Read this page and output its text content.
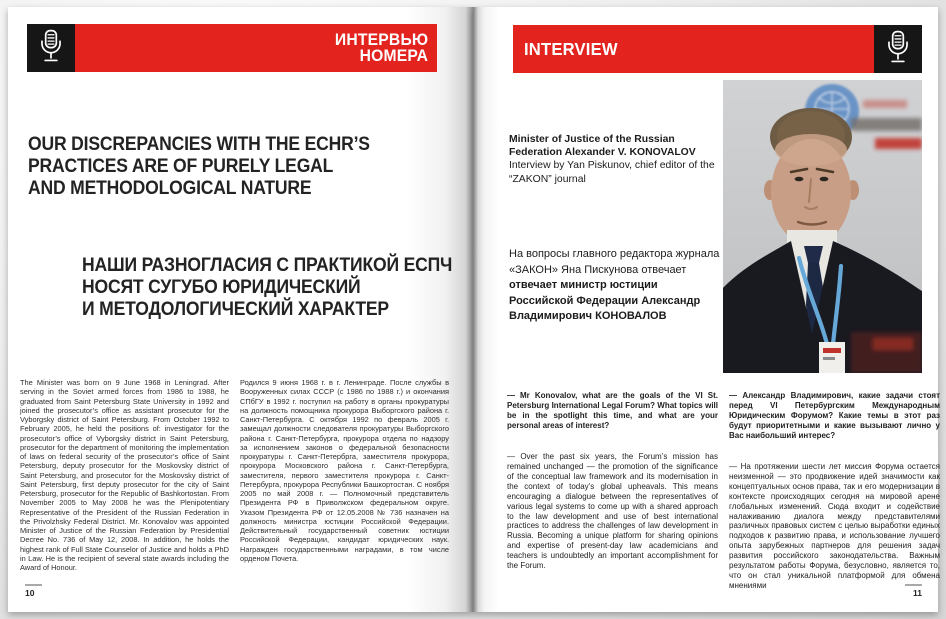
ИНТЕРВЬЮ
НОМЕРА
OUR DISCREPANCIES WITH THE ECHR’S
PRACTICES ARE OF PURELY LEGAL
AND METHODOLOGICAL NATURE
НАШИ РАЗНОГЛАСИЯ С ПРАКТИКОЙ ЕСПЧ
НОСЯТ СУГУБО ЮРИДИЧЕСКИЙ
И МЕТОДОЛОГИЧЕСКИЙ ХАРАКТЕР
The Minister was born on 9 June 1968 in Leningrad. After serving in the Soviet armed forces from 1986 to 1988, he graduated from Saint Petersburg State University in 1992 and joined the prosecutor’s office as assistant prosecutor for the Vyborgsky district of Saint Petersburg. From October 1992 to February 2005, he held the positions of: investigator for the prosecutor’s office of Vyborgsky district in Saint Petersburg, prosecutor for the department of monitoring the implementation of laws on federal security of the prosecutor’s office of Saint Petersburg, deputy prosecutor for the Moskovsky district of Saint Petersburg, and prosecutor for the Moskovsky district of Saint Petersburg, first deputy prosecutor for the city of Saint Petersburg, prosecutor for the Republic of Bashkortostan. From November 2005 to May 2008 he was the Plenipotentiary Representative of the President of the Russian Federation in the Privolzhsky Federal District. Mr. Konovalov was appointed Minister of Justice of the Russian Federation by Presidential Decree No. 736 of May 12, 2008. In addition, he holds the highest rank of Full State Counselor of Justice and holds a PhD in Law. He is the recipient of several state awards including the Award of Honour.
Родился 9 июня 1968 г. в г. Ленинграде. После службы в Вооруженных силах СССР (с 1986 по 1988 г.) и окончания СПбГУ в 1992 г. поступил на работу в органы прокуратуры на должность помощника прокурора Выборгского района г. Санкт-Петербурга. С октября 1992 по февраль 2005 г. замещал должности следователя прокуратуры Выборгского района г. Санкт-Петербурга, прокурора отдела по надзору за исполнением законов о федеральной безопасности прокуратуры г. Санкт-Петербрга, заместителя прокурора, прокурора Московского района г. Санкт-Петербурга, заместителя, первого заместителя прокурора г. Санкт-Петербурга, прокурора Республики Башкортостан. С ноября 2005 по май 2008 г. — Полномочный представитель Президента РФ в Приволжском федеральном округе. Указом Президента РФ от 12.05.2008 № 736 назначен на должность министра юстиции Российской Федерации. Действительный государственный советник юстиции Российской Федерации, кандидат юридических наук. Награжден государственными наградами, в том числе орденом Почета.
10
INTERVIEW
Minister of Justice of the Russian Federation Alexander V. KONOVALOV
Interview by Yan Piskunov, chief editor of the “ZAKON” journal
На вопросы главного редактора журнала «ЗАКОН» Яна Пискунова отвечает
отвечает министр юстиции Российской Федерации Александр Владимирович КОНОВАЛОВ

— Mr Konovalov, what are the goals of the VI St. Petersburg International Legal Forum? What topics will be in the spotlight this time, and what are your personal areas of interest?

— Over the past six years, the Forum’s mission has remained unchanged — the promotion of the significance of the conceptual law framework and its modernisation in the context of today’s global upheavals. This means encouraging a dialogue between the representatives of various legal systems to come up with a shared approach to the law development and use of best international practices to address the challenges of law development in Russia. Becoming a unique platform for sharing opinions and expertise of present-day law academicians and teachers is undoubtedly an important accomplishment for the Forum.

— Александр Владимирович, какие задачи стоят перед VI Петербургским Международным Юридическим Форумом? Какие темы в этот раз будут приоритетными и какие вызывают лично у Вас наибольший интерес?

— На протяжении шести лет миссия Форума остается неизменной — это продвижение идей значимости как концептуальных основ права, так и его модернизации в контексте происходящих сегодня на мировой арене глобальных изменений. Сюда входит и содействие налаживанию диалога между представителями различных правовых систем с целью выработки единых подходов к развитию права, и использование лучшего опыта зарубежных партнеров для решения задач развития российского законодательства. Важным результатом работы Форума, безусловно, является то, что он стал уникальной платформой для обмена мнениями

11
